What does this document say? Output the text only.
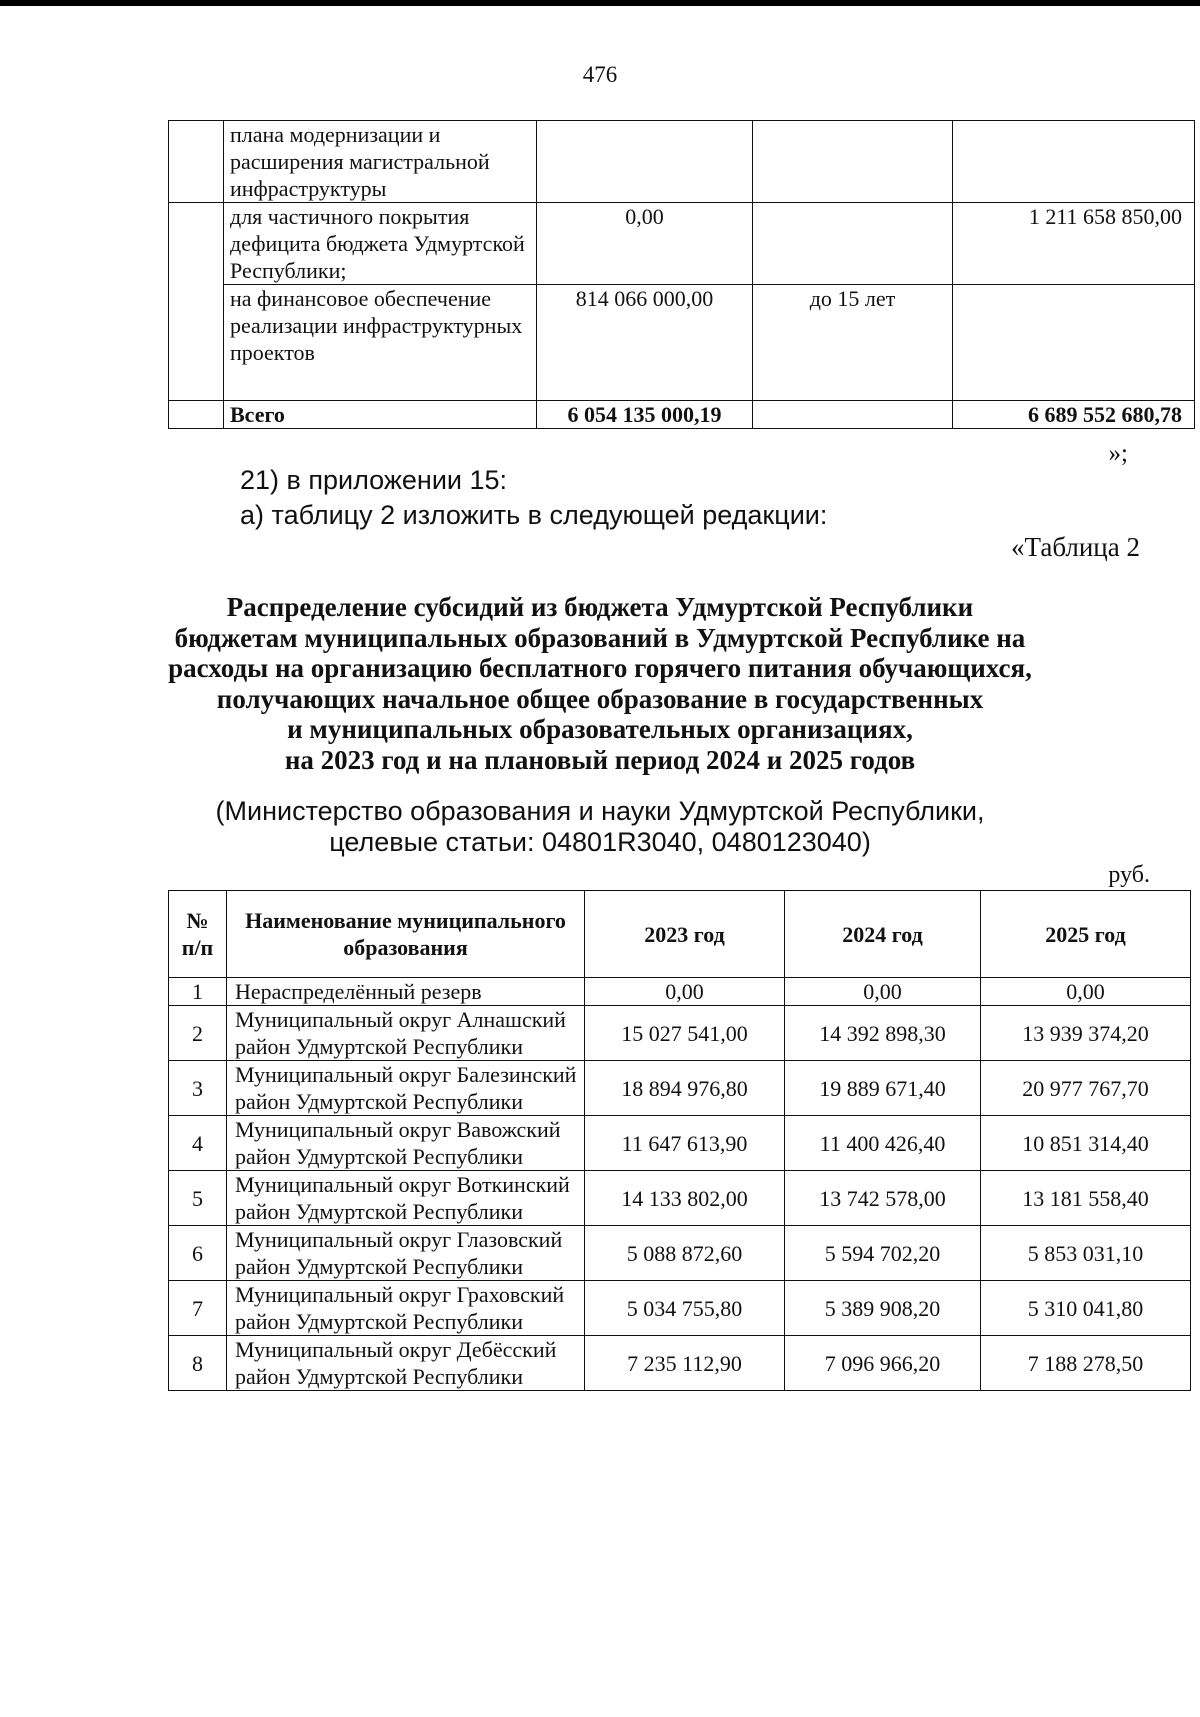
476
	плана модернизации и расширения магистральной инфраструктуры			
	для частичного покрытия дефицита бюджета Удмуртской Республики;	0,00		1 211 658 850,00
	на финансовое обеспечение реализации инфраструктурных проектов	814 066 000,00	до 15 лет	
	Всего	6 054 135 000,19		6 689 552 680,78
»;
21) в приложении 15:
а) таблицу 2 изложить в следующей редакции:
«Таблица 2
Распределение субсидий из бюджета Удмуртской Республики
бюджетам муниципальных образований в Удмуртской Республике на
расходы на организацию бесплатного горячего питания обучающихся,
получающих начальное общее образование в государственных
и муниципальных образовательных организациях,
на 2023 год и на плановый период 2024 и 2025 годов
(Министерство образования и науки Удмуртской Республики,
целевые статьи: 04801R3040, 0480123040)
руб.
№ п/п	Наименование муниципального образования	2023 год	2024 год	2025 год
1	Нераспределённый резерв	0,00	0,00	0,00
2	Муниципальный округ Алнашский район Удмуртской Республики	15 027 541,00	14 392 898,30	13 939 374,20
3	Муниципальный округ Балезинский район Удмуртской Республики	18 894 976,80	19 889 671,40	20 977 767,70
4	Муниципальный округ Вавожский район Удмуртской Республики	11 647 613,90	11 400 426,40	10 851 314,40
5	Муниципальный округ Воткинский район Удмуртской Республики	14 133 802,00	13 742 578,00	13 181 558,40
6	Муниципальный округ Глазовский район Удмуртской Республики	5 088 872,60	5 594 702,20	5 853 031,10
7	Муниципальный округ Граховский район Удмуртской Республики	5 034 755,80	5 389 908,20	5 310 041,80
8	Муниципальный округ Дебёсский район Удмуртской Республики	7 235 112,90	7 096 966,20	7 188 278,50
